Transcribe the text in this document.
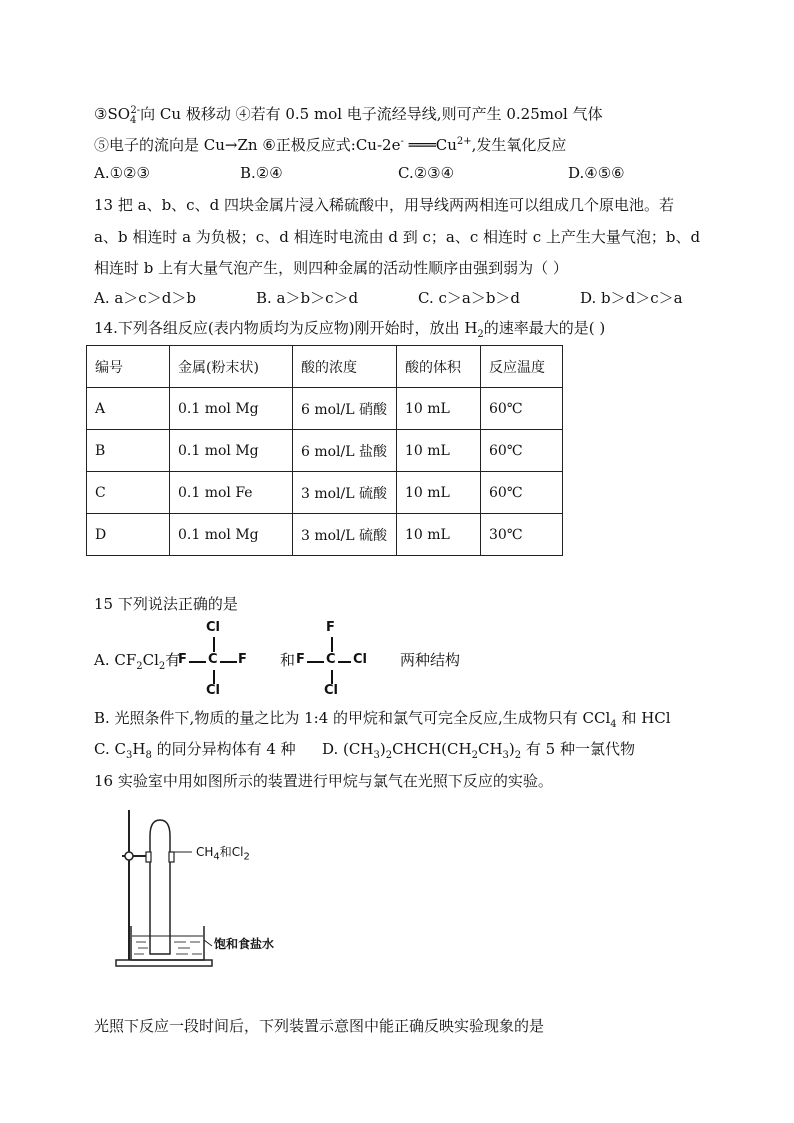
$③SO_4^{2-}$向 Cu 极移动 ④若有 0.5 mol 电子流经导线,则可产生 0.25mol 气体
⑤电子的流向是 Cu→Zn ⑥正极反应式:Cu-2e- $═══Cu^{2+}$,发生氧化反应
A.①②③	B.②④	C.②③④	D.④⑤⑥
13 把 a、b、c、d 四块金属片浸入稀硫酸中，用导线两两相连可以组成几个原电池。若
a、b 相连时 a 为负极；c、d 相连时电流由 d 到 c；a、c 相连时 c 上产生大量气泡；b、d
相连时 b 上有大量气泡产生，则四种金属的活动性顺序由强到弱为（ ）
A. a＞c＞d＞b	B. a＞b＞c＞d	C. c＞a＞b＞d	D. b＞d＞c＞a
14.下列各组反应(表内物质均为反应物)刚开始时，放出 $H_2$的速率最大的是( )
编号	金属(粉末状)	酸的浓度	酸的体积	反应温度
A	0.1 mol Mg	6 mol/L 硝酸	10 mL	60℃
B	0.1 mol Mg	6 mol/L 盐酸	10 mL	60℃
C	0.1 mol Fe	3 mol/L 硫酸	10 mL	60℃
D	0.1 mol Mg	3 mol/L 硫酸	10 mL	30℃
15 下列说法正确的是
A. $CF_2Cl_2$有
Cl
F C F
Cl
和
F
F C Cl
Cl
两种结构
B. 光照条件下,物质的量之比为 1:4 的甲烷和氯气可完全反应,生成物只有 CCl$_4$ 和 HCl
C. $C_3H_8$ 的同分异构体有 4 种 D. $(CH_3)_2CHCH(CH_2CH_3)_2$ 有 5 种一氯代物
16 实验室中用如图所示的装置进行甲烷与氯气在光照下反应的实验。
$CH_4$和$Cl_2$
饱和食盐水
光照下反应一段时间后，下列装置示意图中能正确反映实验现象的是
